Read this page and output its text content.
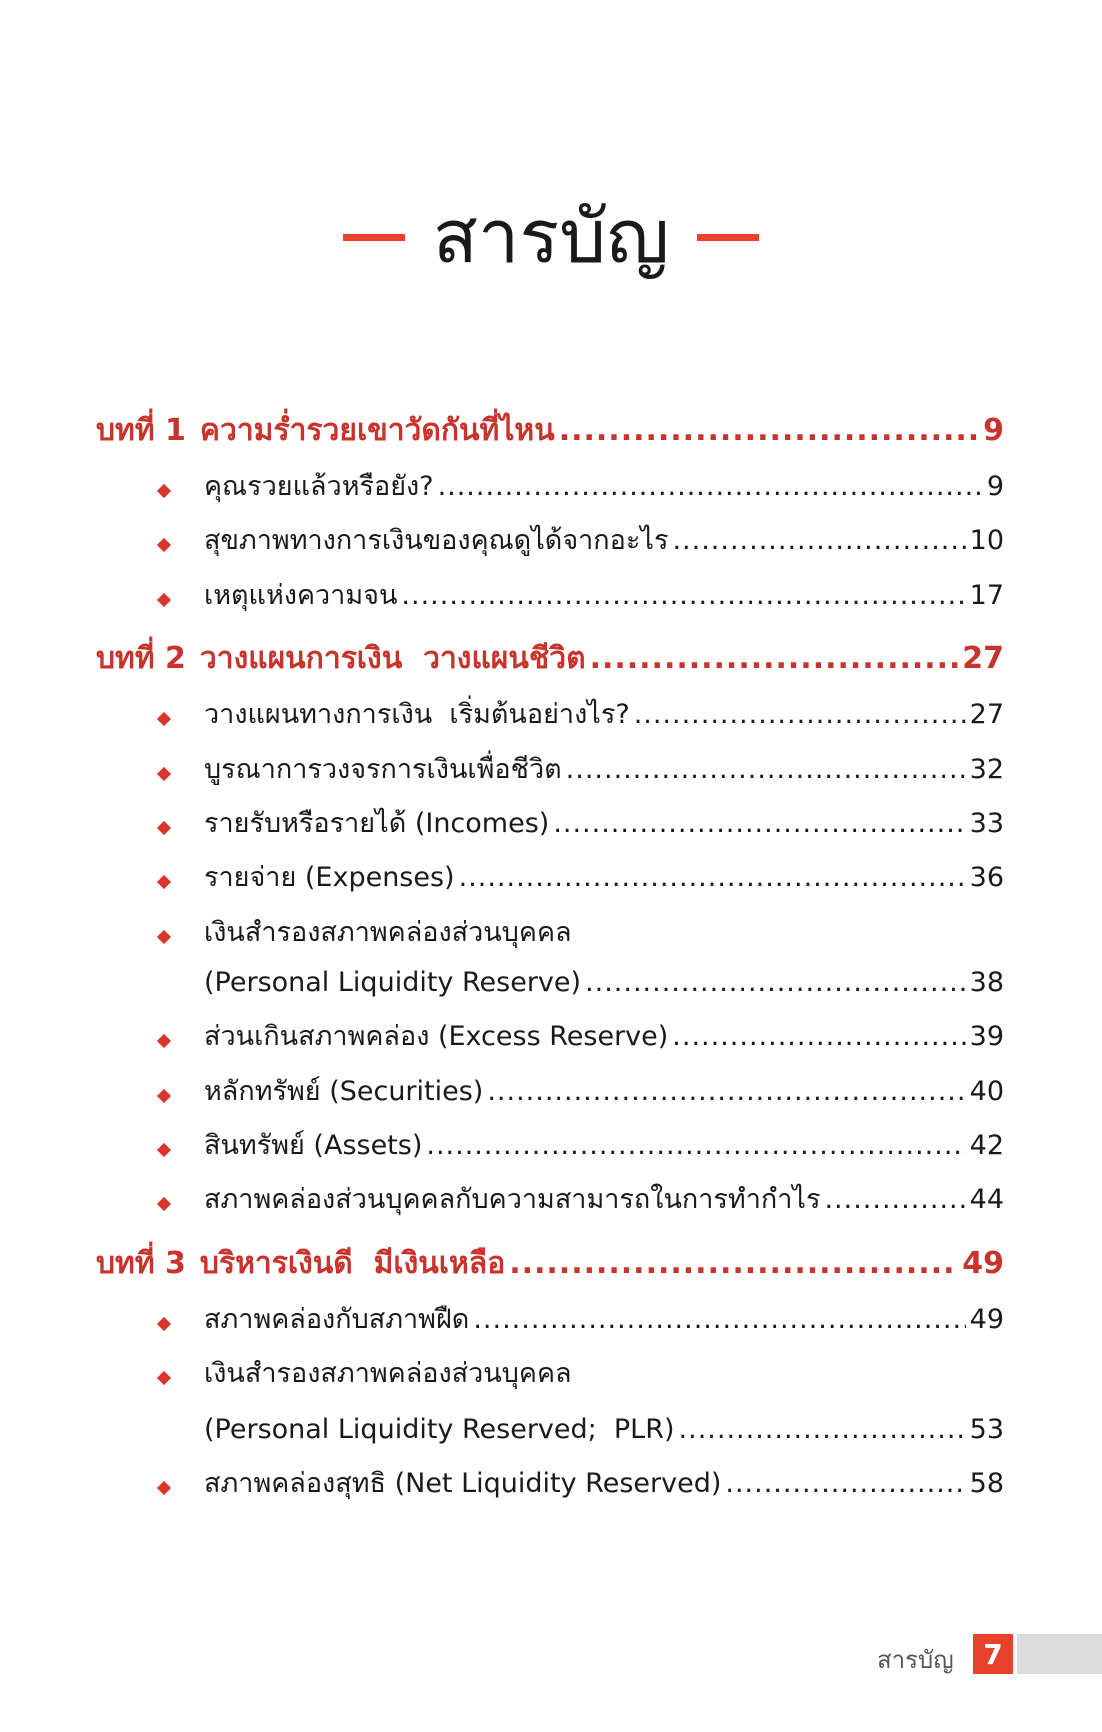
สารบัญ
บทที่ 1 ความร่ำรวยเขาวัดกันที่ไหน .....	9
คุณรวยแล้วหรือยัง? .....	9
สุขภาพทางการเงินของคุณดูได้จากอะไร .....	10
เหตุแห่งความจน .....	17
บทที่ 2 วางแผนการเงิน  วางแผนชีวิต .....	27
วางแผนทางการเงิน  เริ่มต้นอย่างไร? .....	27
บูรณาการวงจรการเงินเพื่อชีวิต .....	32
รายรับหรือรายได้ (Incomes) .....	33
รายจ่าย (Expenses) .....	36
เงินสำรองสภาพคล่องส่วนบุคคล
(Personal Liquidity Reserve) .....	38
ส่วนเกินสภาพคล่อง (Excess Reserve) .....	39
หลักทรัพย์ (Securities) .....	40
สินทรัพย์ (Assets) .....	42
สภาพคล่องส่วนบุคคลกับความสามารถในการทำกำไร .....	44
บทที่ 3 บริหารเงินดี  มีเงินเหลือ .....	49
สภาพคล่องกับสภาพฝืด .....	49
เงินสำรองสภาพคล่องส่วนบุคคล
(Personal Liquidity Reserved;  PLR) .....	53
สภาพคล่องสุทธิ (Net Liquidity Reserved) .....	58
สารบัญ	7
